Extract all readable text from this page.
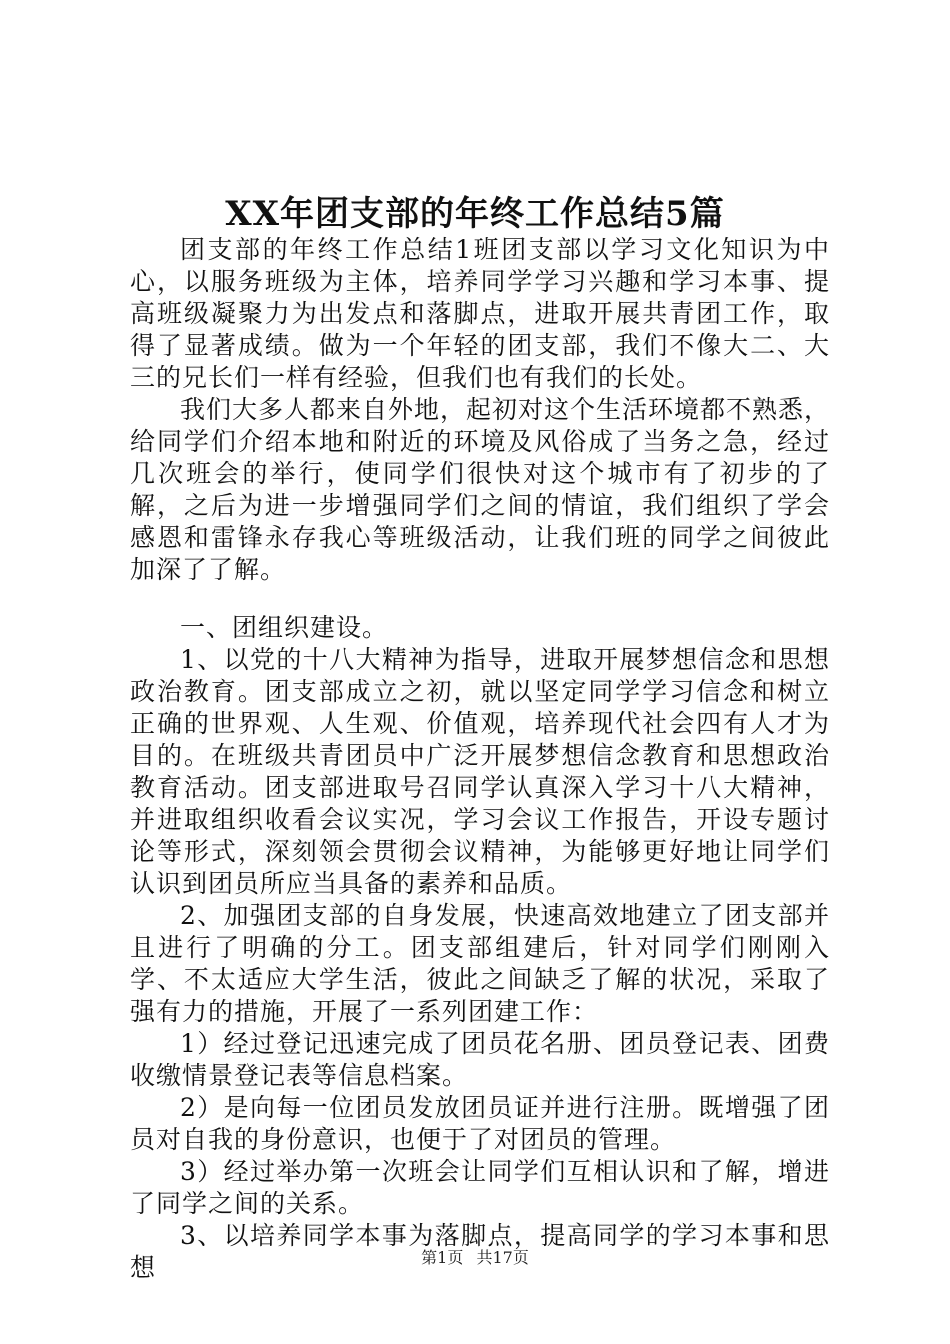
XX年团支部的年终工作总结5篇

团支部的年终工作总结1班团支部以学习文化知识为中心，以服务班级为主体，培养同学学习兴趣和学习本事、提高班级凝聚力为出发点和落脚点，进取开展共青团工作，取得了显著成绩。做为一个年轻的团支部，我们不像大二、大三的兄长们一样有经验，但我们也有我们的长处。

我们大多人都来自外地，起初对这个生活环境都不熟悉，给同学们介绍本地和附近的环境及风俗成了当务之急，经过几次班会的举行，使同学们很快对这个城市有了初步的了解，之后为进一步增强同学们之间的情谊，我们组织了学会感恩和雷锋永存我心等班级活动，让我们班的同学之间彼此加深了了解。

一、团组织建设。

1、以党的十八大精神为指导，进取开展梦想信念和思想政治教育。团支部成立之初，就以坚定同学学习信念和树立正确的世界观、人生观、价值观，培养现代社会四有人才为目的。在班级共青团员中广泛开展梦想信念教育和思想政治教育活动。团支部进取号召同学认真深入学习十八大精神，并进取组织收看会议实况，学习会议工作报告，开设专题讨论等形式，深刻领会贯彻会议精神，为能够更好地让同学们认识到团员所应当具备的素养和品质。

2、加强团支部的自身发展，快速高效地建立了团支部并且进行了明确的分工。团支部组建后，针对同学们刚刚入学、不太适应大学生活，彼此之间缺乏了解的状况，采取了强有力的措施，开展了一系列团建工作：

1）经过登记迅速完成了团员花名册、团员登记表、团费收缴情景登记表等信息档案。

2）是向每一位团员发放团员证并进行注册。既增强了团员对自我的身份意识，也便于了对团员的管理。

3）经过举办第一次班会让同学们互相认识和了解，增进了同学之间的关系。

3、以培养同学本事为落脚点，提高同学的学习本事和思想	第1页 共17页
